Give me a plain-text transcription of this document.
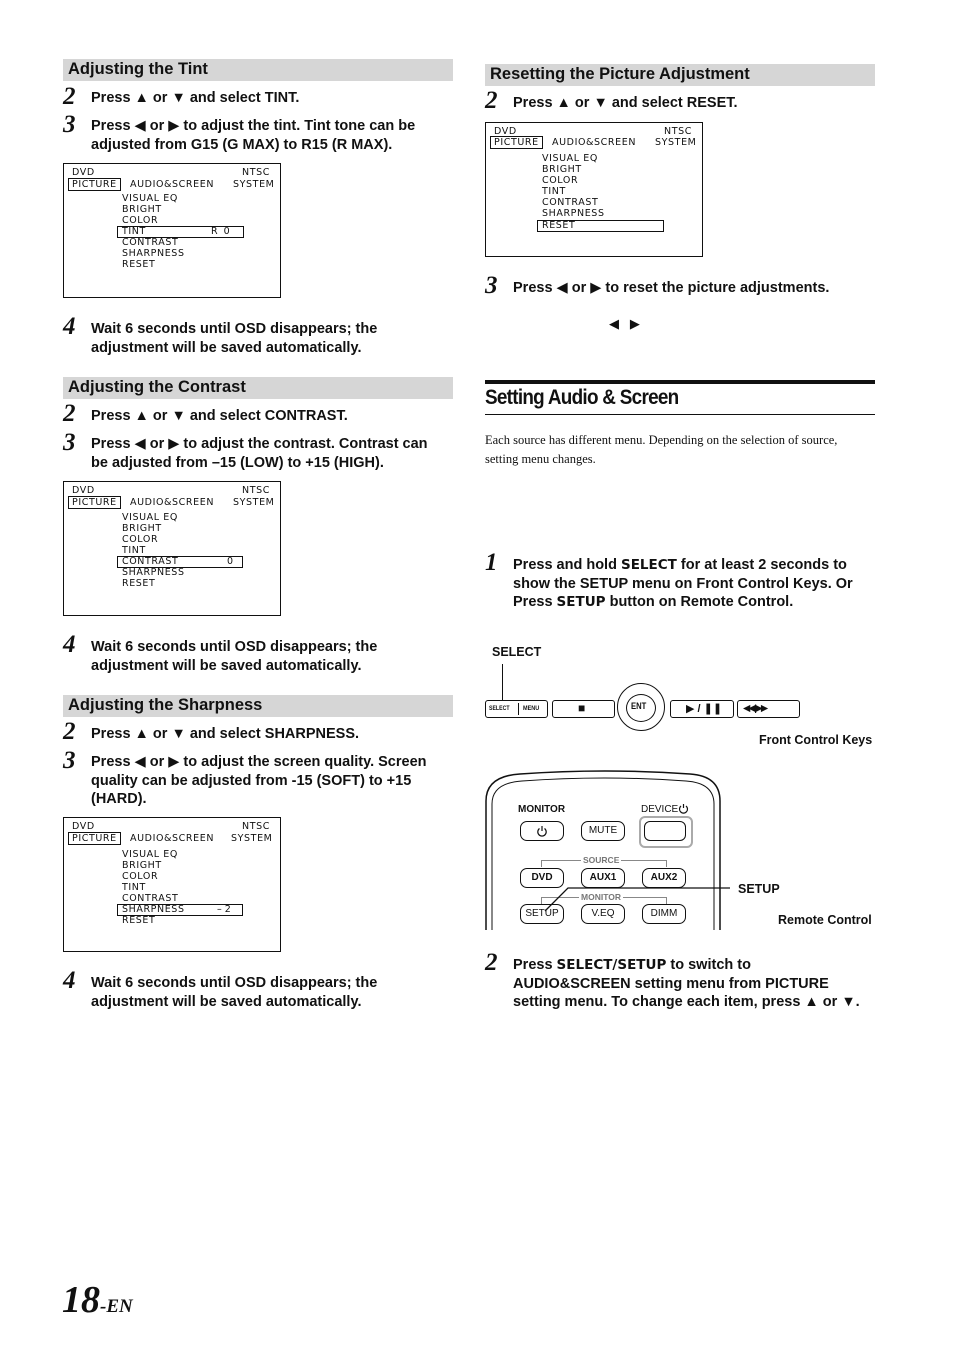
Adjusting the Tint
2 Press ▲ or ▼ and select TINT.
3 Press ◀ or ▶ to adjust the tint. Tint tone can be
adjusted from G15 (G MAX) to R15 (R MAX).
DVD	NTSC
PICTURE	AUDIO&SCREEN SYSTEM
VISUAL EQ
BRIGHT
COLOR
TINT	R  0
CONTRAST
SHARPNESS
RESET
4 Wait 6 seconds until OSD disappears; the
adjustment will be saved automatically.
Adjusting the Contrast
2 Press ▲ or ▼ and select CONTRAST.
3 Press ◀ or ▶ to adjust the contrast. Contrast can
be adjusted from –15 (LOW) to +15 (HIGH).
DVD	NTSC
PICTURE	AUDIO&SCREEN SYSTEM
VISUAL EQ
BRIGHT
COLOR
TINT
CONTRAST	0
SHARPNESS
RESET
4 Wait 6 seconds until OSD disappears; the
adjustment will be saved automatically.
Adjusting the Sharpness
2 Press ▲ or ▼ and select SHARPNESS.
3 Press ◀ or ▶ to adjust the screen quality. Screen
quality can be adjusted from -15 (SOFT) to +15
(HARD).
DVD	NTSC
PICTURE	AUDIO&SCREEN SYSTEM
VISUAL EQ
BRIGHT
COLOR
TINT
CONTRAST
SHARPNESS	– 2
RESET
4 Wait 6 seconds until OSD disappears; the
adjustment will be saved automatically.
Resetting the Picture Adjustment
2 Press ▲ or ▼ and select RESET.
DVD	NTSC
PICTURE	AUDIO&SCREEN SYSTEM
VISUAL EQ
BRIGHT
COLOR
TINT
CONTRAST
SHARPNESS
RESET
3 Press ◀ or ▶ to reset the picture adjustments.
◀   ▶
Setting Audio & Screen
Each source has different menu. Depending on the selection of source,
setting menu changes.
1 Press and hold SELECT for at least 2 seconds to
show the SETUP menu on Front Control Keys. Or
Press SETUP button on Remote Control.
SELECT
SELECT MENU	■	ENT	▶ / ❚❚ ◀◀ | ▶▶
Front Control Keys
MONITOR	DEVICE
MUTE
SOURCE
DVD	AUX1	AUX2
MONITOR
SETUP	V.EQ	DIMM
SETUP
Remote Control
2 Press SELECT/SETUP to switch to
AUDIO&SCREEN setting menu from PICTURE
setting menu. To change each item, press ▲ or ▼.
18-EN
